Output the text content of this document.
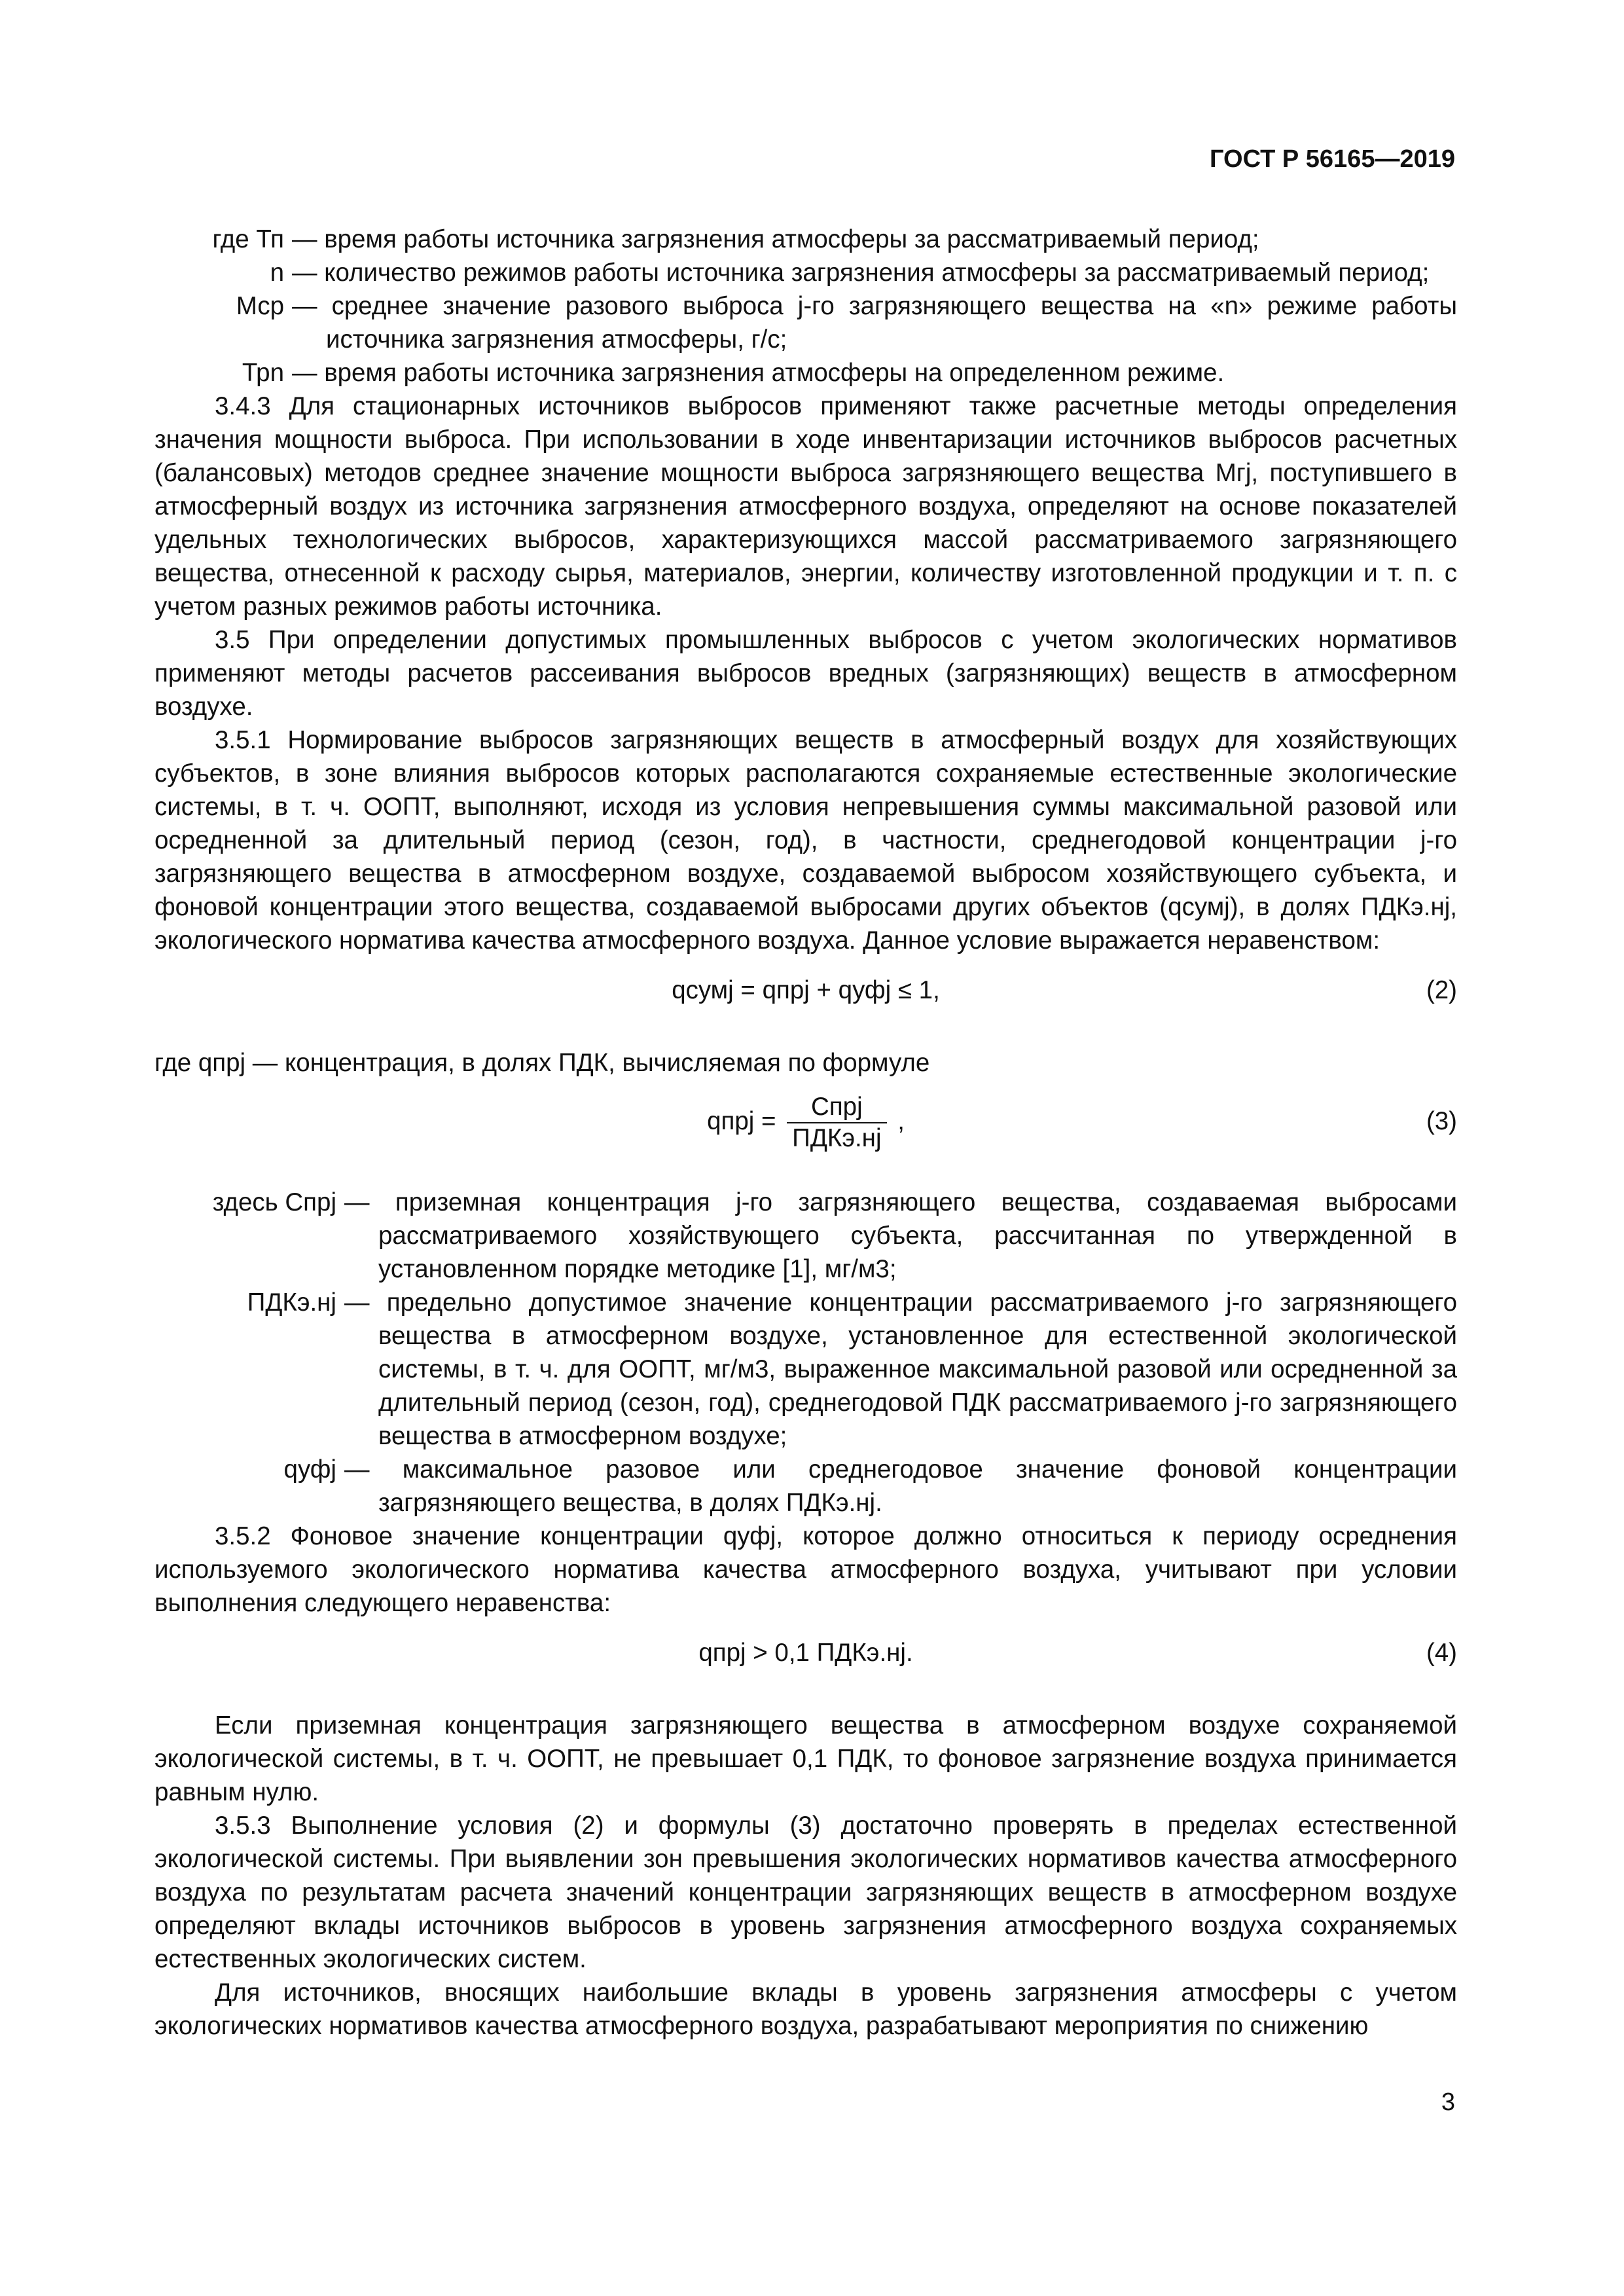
ГОСТ Р 56165—2019
где Тп — время работы источника загрязнения атмосферы за рассматриваемый период;
n — количество режимов работы источника загрязнения атмосферы за рассматриваемый период;
Мср — среднее значение разового выброса j-го загрязняющего вещества на «n» режиме работы источника загрязнения атмосферы, г/с;
Трn — время работы источника загрязнения атмосферы на определенном режиме.

3.4.3 Для стационарных источников выбросов применяют также расчетные методы определения значения мощности выброса. При использовании в ходе инвентаризации источников выбросов расчетных (балансовых) методов среднее значение мощности выброса загрязняющего вещества Мгj, поступившего в атмосферный воздух из источника загрязнения атмосферного воздуха, определяют на основе показателей удельных технологических выбросов, характеризующихся массой рассматриваемого загрязняющего вещества, отнесенной к расходу сырья, материалов, энергии, количеству изготовленной продукции и т. п. с учетом разных режимов работы источника.

3.5 При определении допустимых промышленных выбросов с учетом экологических нормативов применяют методы расчетов рассеивания выбросов вредных (загрязняющих) веществ в атмосферном воздухе.

3.5.1 Нормирование выбросов загрязняющих веществ в атмосферный воздух для хозяйствующих субъектов, в зоне влияния выбросов которых располагаются сохраняемые естественные экологические системы, в т. ч. ООПТ, выполняют, исходя из условия непревышения суммы максимальной разовой или осредненной за длительный период (сезон, год), в частности, среднегодовой концентрации j-го загрязняющего вещества в атмосферном воздухе, создаваемой выбросом хозяйствующего субъекта, и фоновой концентрации этого вещества, создаваемой выбросами других объектов (qсумj), в долях ПДКэ.нj, экологического норматива качества атмосферного воздуха. Данное условие выражается неравенством:

qсумj = qпрj + qуфj ≤ 1,	(2)

где qпрj — концентрация, в долях ПДК, вычисляемая по формуле

qпрj = $\frac{\text{Cпрj}}{\text{ПДКэ.нj}}$ ,	(3)
здесь Спрj — приземная концентрация j-го загрязняющего вещества, создаваемая выбросами рассматриваемого хозяйствующего субъекта, рассчитанная по утвержденной в установленном порядке методике [1], мг/м3;
ПДКэ.нj — предельно допустимое значение концентрации рассматриваемого j-го загрязняющего вещества в атмосферном воздухе, установленное для естественной экологической системы, в т. ч. для ООПТ, мг/м3, выраженное максимальной разовой или осредненной за длительный период (сезон, год), среднегодовой ПДК рассматриваемого j-го загрязняющего вещества в атмосферном воздухе;
qуфj — максимальное разовое или среднегодовое значение фоновой концентрации загрязняющего вещества, в долях ПДКэ.нj.

3.5.2 Фоновое значение концентрации qуфj, которое должно относиться к периоду осреднения используемого экологического норматива качества атмосферного воздуха, учитывают при условии выполнения следующего неравенства:

qпрj > 0,1 ПДКэ.нj.	(4)

Если приземная концентрация загрязняющего вещества в атмосферном воздухе сохраняемой экологической системы, в т. ч. ООПТ, не превышает 0,1 ПДК, то фоновое загрязнение воздуха принимается равным нулю.

3.5.3 Выполнение условия (2) и формулы (3) достаточно проверять в пределах естественной экологической системы. При выявлении зон превышения экологических нормативов качества атмосферного воздуха по результатам расчета значений концентрации загрязняющих веществ в атмосферном воздухе определяют вклады источников выбросов в уровень загрязнения атмосферного воздуха сохраняемых естественных экологических систем.

Для источников, вносящих наибольшие вклады в уровень загрязнения атмосферы с учетом экологических нормативов качества атмосферного воздуха, разрабатывают мероприятия по снижению

3
